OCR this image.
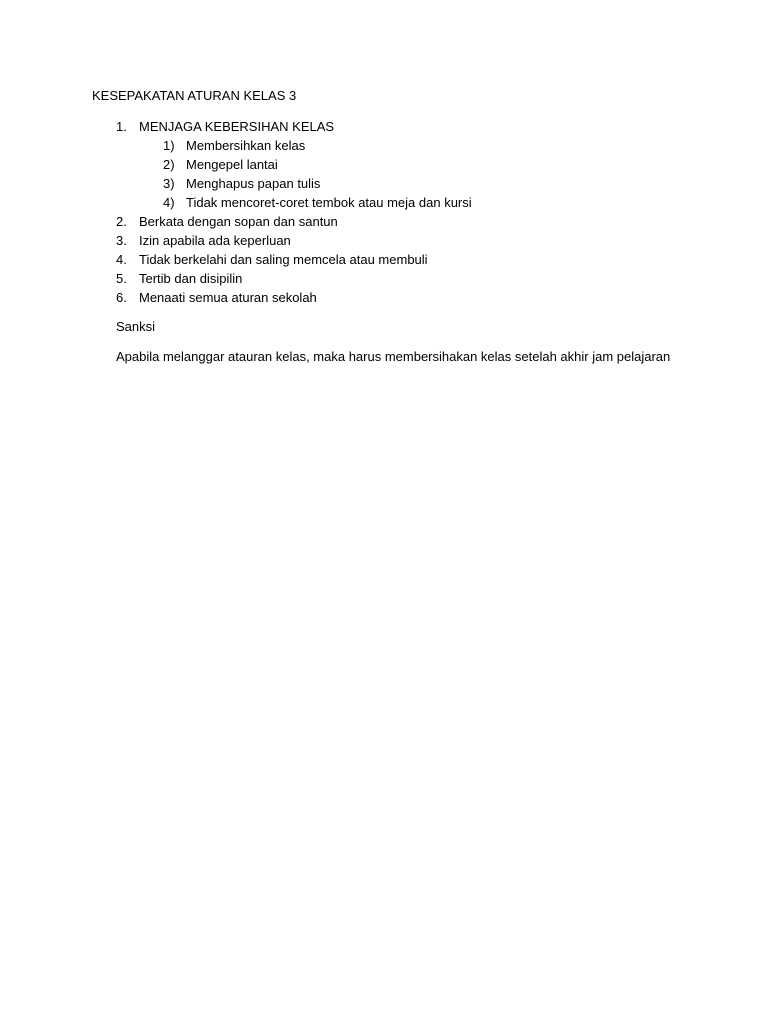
KESEPAKATAN ATURAN KELAS 3
1. MENJAGA KEBERSIHAN KELAS
1) Membersihkan kelas
2) Mengepel lantai
3) Menghapus papan tulis
4) Tidak mencoret-coret tembok atau meja dan kursi
2. Berkata dengan sopan dan santun
3. Izin apabila ada keperluan
4. Tidak berkelahi dan saling memcela atau membuli
5. Tertib dan disipilin
6. Menaati semua aturan sekolah
Sanksi
Apabila melanggar atauran kelas, maka harus membersihakan kelas setelah akhir jam pelajaran
